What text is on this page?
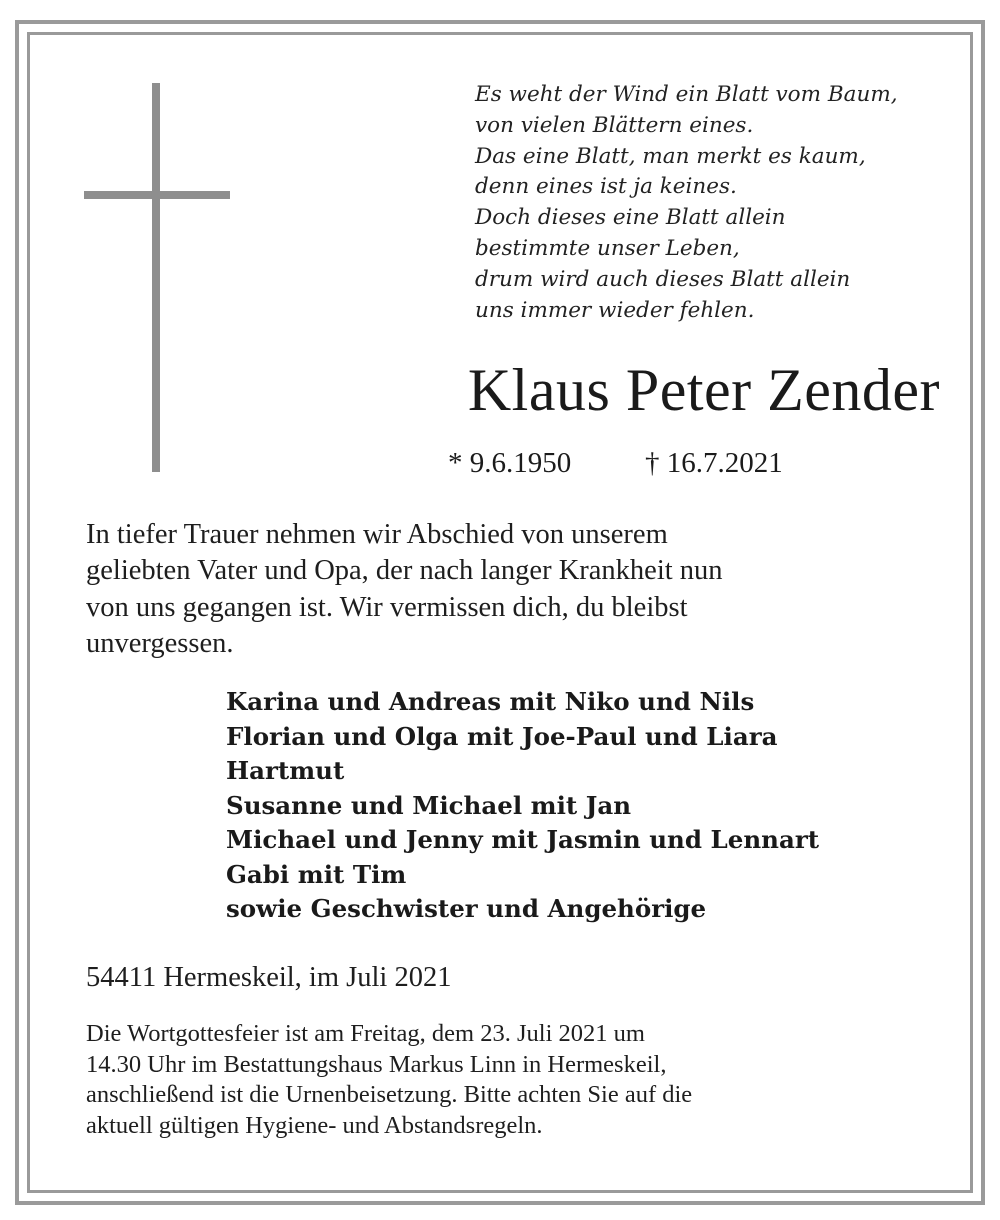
Es weht der Wind ein Blatt vom Baum,
von vielen Blättern eines.
Das eine Blatt, man merkt es kaum,
denn eines ist ja keines.
Doch dieses eine Blatt allein
bestimmte unser Leben,
drum wird auch dieses Blatt allein
uns immer wieder fehlen.
Klaus Peter Zender
* 9.6.1950	† 16.7.2021

In tiefer Trauer nehmen wir Abschied von unserem
geliebten Vater und Opa, der nach langer Krankheit nun
von uns gegangen ist. Wir vermissen dich, du bleibst
unvergessen.

Karina und Andreas mit Niko und Nils
Florian und Olga mit Joe-Paul und Liara
Hartmut
Susanne und Michael mit Jan
Michael und Jenny mit Jasmin und Lennart
Gabi mit Tim
sowie Geschwister und Angehörige
54411 Hermeskeil, im Juli 2021

Die Wortgottesfeier ist am Freitag, dem 23. Juli 2021 um
14.30 Uhr im Bestattungshaus Markus Linn in Hermeskeil,
anschließend ist die Urnenbeisetzung. Bitte achten Sie auf die
aktuell gültigen Hygiene- und Abstandsregeln.
